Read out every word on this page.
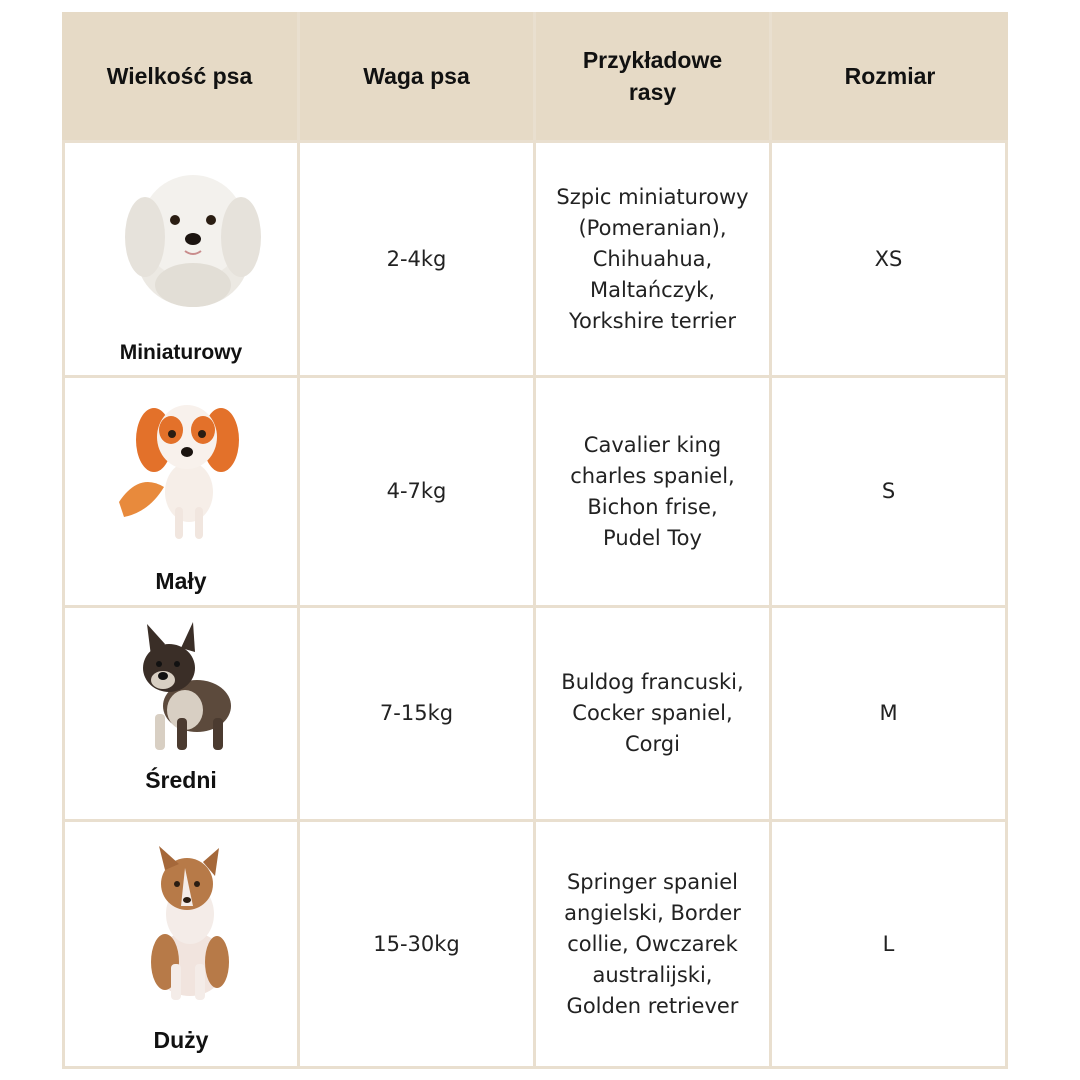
Wielkość psa	Waga psa
Przykładowe
rasy
Rozmiar
Miniaturowy
2-4kg
Szpic miniaturowy
(Pomeranian),
Chihuahua,
Maltańczyk,
Yorkshire terrier
XS
Mały
4-7kg
Cavalier king
charles spaniel,
Bichon frise,
Pudel Toy
S
Średni
7-15kg
Buldog francuski,
Cocker spaniel,
Corgi
M
Duży
15-30kg
Springer spaniel
angielski, Border
collie, Owczarek
australijski,
Golden retriever
L
